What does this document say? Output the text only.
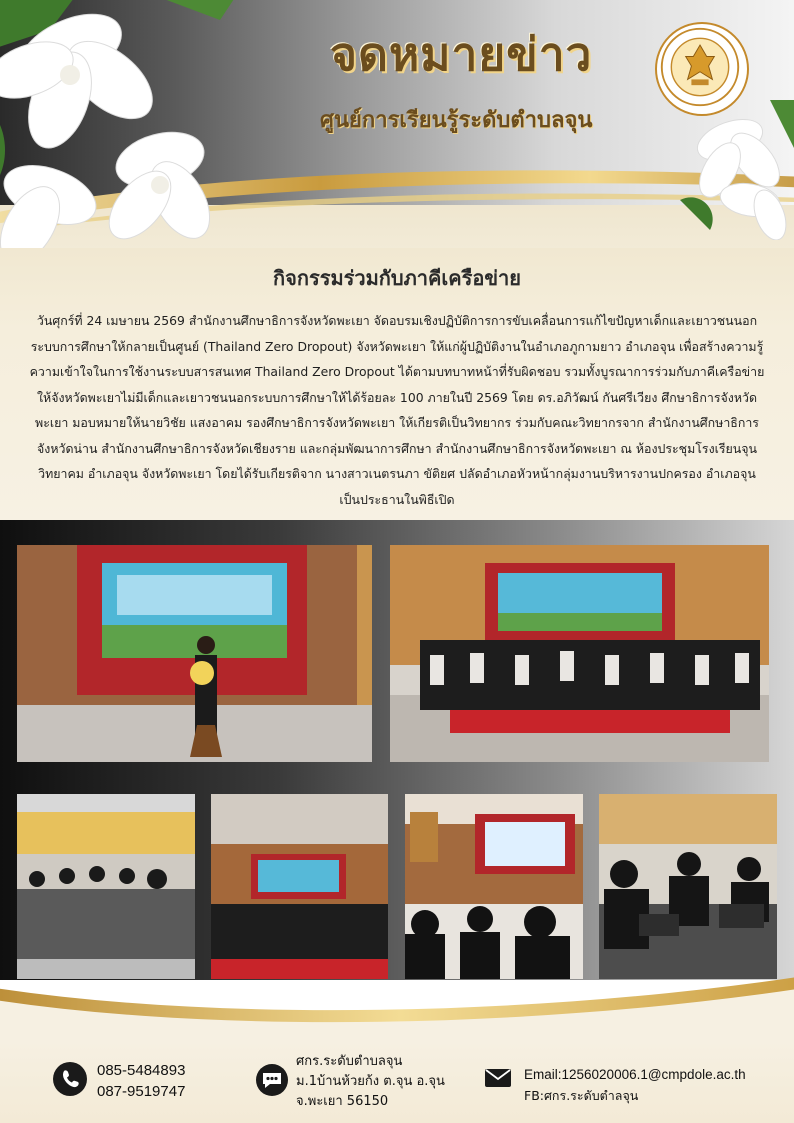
จดหมายข่าว
ศูนย์การเรียนรู้ระดับตำบลจุน
กิจกรรมร่วมกับภาคีเครือข่าย

วันศุกร์ที่ 24 เมษายน 2569 สำนักงานศึกษาธิการจังหวัดพะเยา จัดอบรมเชิงปฏิบัติการการขับเคลื่อนการแก้ไขปัญหาเด็กและเยาวชนนอกระบบการศึกษาให้กลายเป็นศูนย์ (Thailand Zero Dropout) จังหวัดพะเยา ให้แก่ผู้ปฏิบัติงานในอำเภอภูกามยาว อำเภอจุน เพื่อสร้างความรู้ความเข้าใจในการใช้งานระบบสารสนเทศ Thailand Zero Dropout ได้ตามบทบาทหน้าที่รับผิดชอบ รวมทั้งบูรณาการร่วมกับภาคีเครือข่ายให้จังหวัดพะเยาไม่มีเด็กและเยาวชนนอกระบบการศึกษาให้ได้ร้อยละ 100 ภายในปี 2569 โดย ดร.อภิวัฒน์ กันศรีเวียง ศึกษาธิการจังหวัดพะเยา มอบหมายให้นายวิชัย แสงอาคม รองศึกษาธิการจังหวัดพะเยา ให้เกียรติเป็นวิทยากร ร่วมกับคณะวิทยากรจาก สำนักงานศึกษาธิการจังหวัดน่าน สำนักงานศึกษาธิการจังหวัดเชียงราย และกลุ่มพัฒนาการศึกษา สำนักงานศึกษาธิการจังหวัดพะเยา ณ ห้องประชุมโรงเรียนจุนวิทยาคม อำเภอจุน จังหวัดพะเยา โดยได้รับเกียรติจาก นางสาวเนตรนภา ขัติยศ ปลัดอำเภอหัวหน้ากลุ่มงานบริหารงานปกครอง อำเภอจุน เป็นประธานในพิธีเปิด

085-5484893

087-9519747

ศกร.ระดับตำบลจุน

ม.1บ้านห้วยก้ง ต.จุน อ.จุน

จ.พะเยา 56150

Email:1256020006.1@cmpdole.ac.th

FB:ศกร.ระดับตำลจุน
